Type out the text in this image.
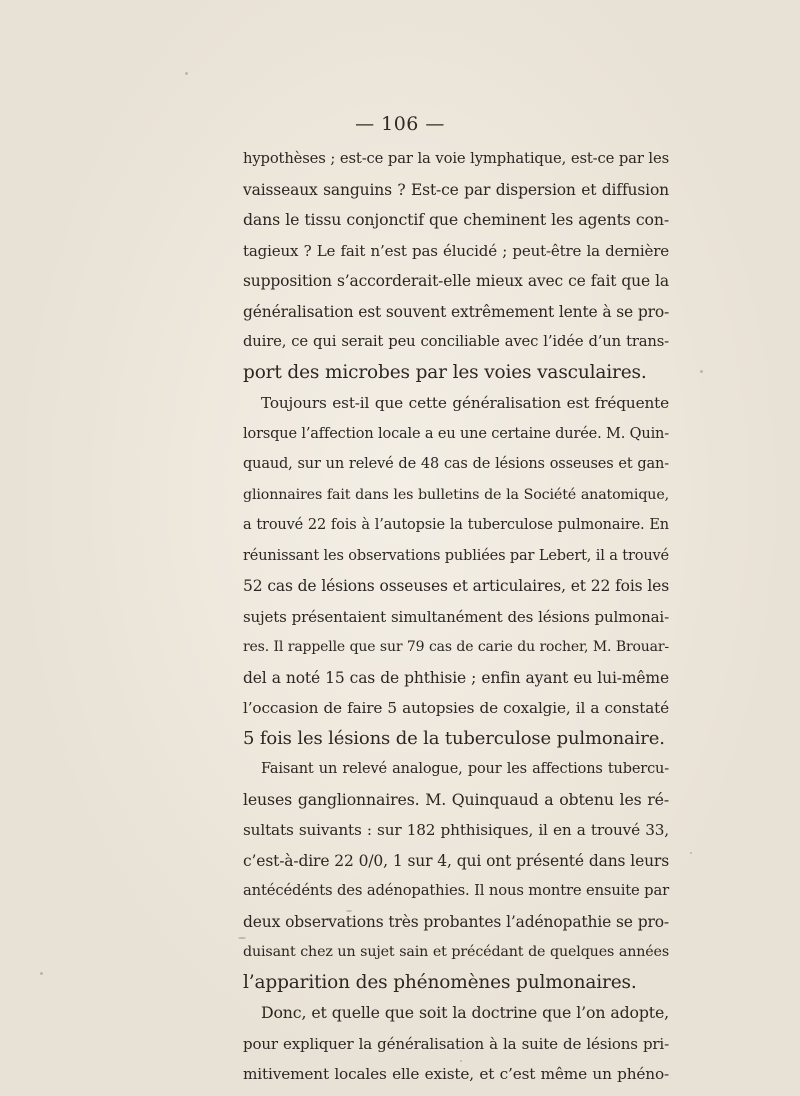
— 106 —
hypothèses ; est-ce par la voie lymphatique, est-ce par les
vaisseaux sanguins ? Est-ce par dispersion et diffusion
dans le tissu conjonctif que cheminent les agents con-
tagieux ? Le fait n’est pas élucidé ; peut-être la dernière
supposition s’accorderait-elle mieux avec ce fait que la
généralisation est souvent extrêmement lente à se pro-
duire, ce qui serait peu conciliable avec l’idée d’un trans-
port des microbes par les voies vasculaires.
Toujours est-il que cette généralisation est fréquente
lorsque l’affection locale a eu une certaine durée. M. Quin-
quaud, sur un relevé de 48 cas de lésions osseuses et gan-
glionnaires fait dans les bulletins de la Société anatomique,
a trouvé 22 fois à l’autopsie la tuberculose pulmonaire. En
réunissant les observations publiées par Lebert, il a trouvé
52 cas de lésions osseuses et articulaires, et 22 fois les
sujets présentaient simultanément des lésions pulmonai-
res. Il rappelle que sur 79 cas de carie du rocher, M. Brouar-
del a noté 15 cas de phthisie ; enfin ayant eu lui-même
l’occasion de faire 5 autopsies de coxalgie, il a constaté
5 fois les lésions de la tuberculose pulmonaire.
Faisant un relevé analogue, pour les affections tubercu-
leuses ganglionnaires. M. Quinquaud a obtenu les ré-
sultats suivants : sur 182 phthisiques, il en a trouvé 33,
c’est-à-dire 22 0/0, 1 sur 4, qui ont présenté dans leurs
antécédénts des adénopathies. Il nous montre ensuite par
deux observations très probantes l’adénopathie se pro-
duisant chez un sujet sain et précédant de quelques années
l’apparition des phénomènes pulmonaires.
Donc, et quelle que soit la doctrine que l’on adopte,
pour expliquer la généralisation à la suite de lésions pri-
mitivement locales elle existe, et c’est même un phéno-
